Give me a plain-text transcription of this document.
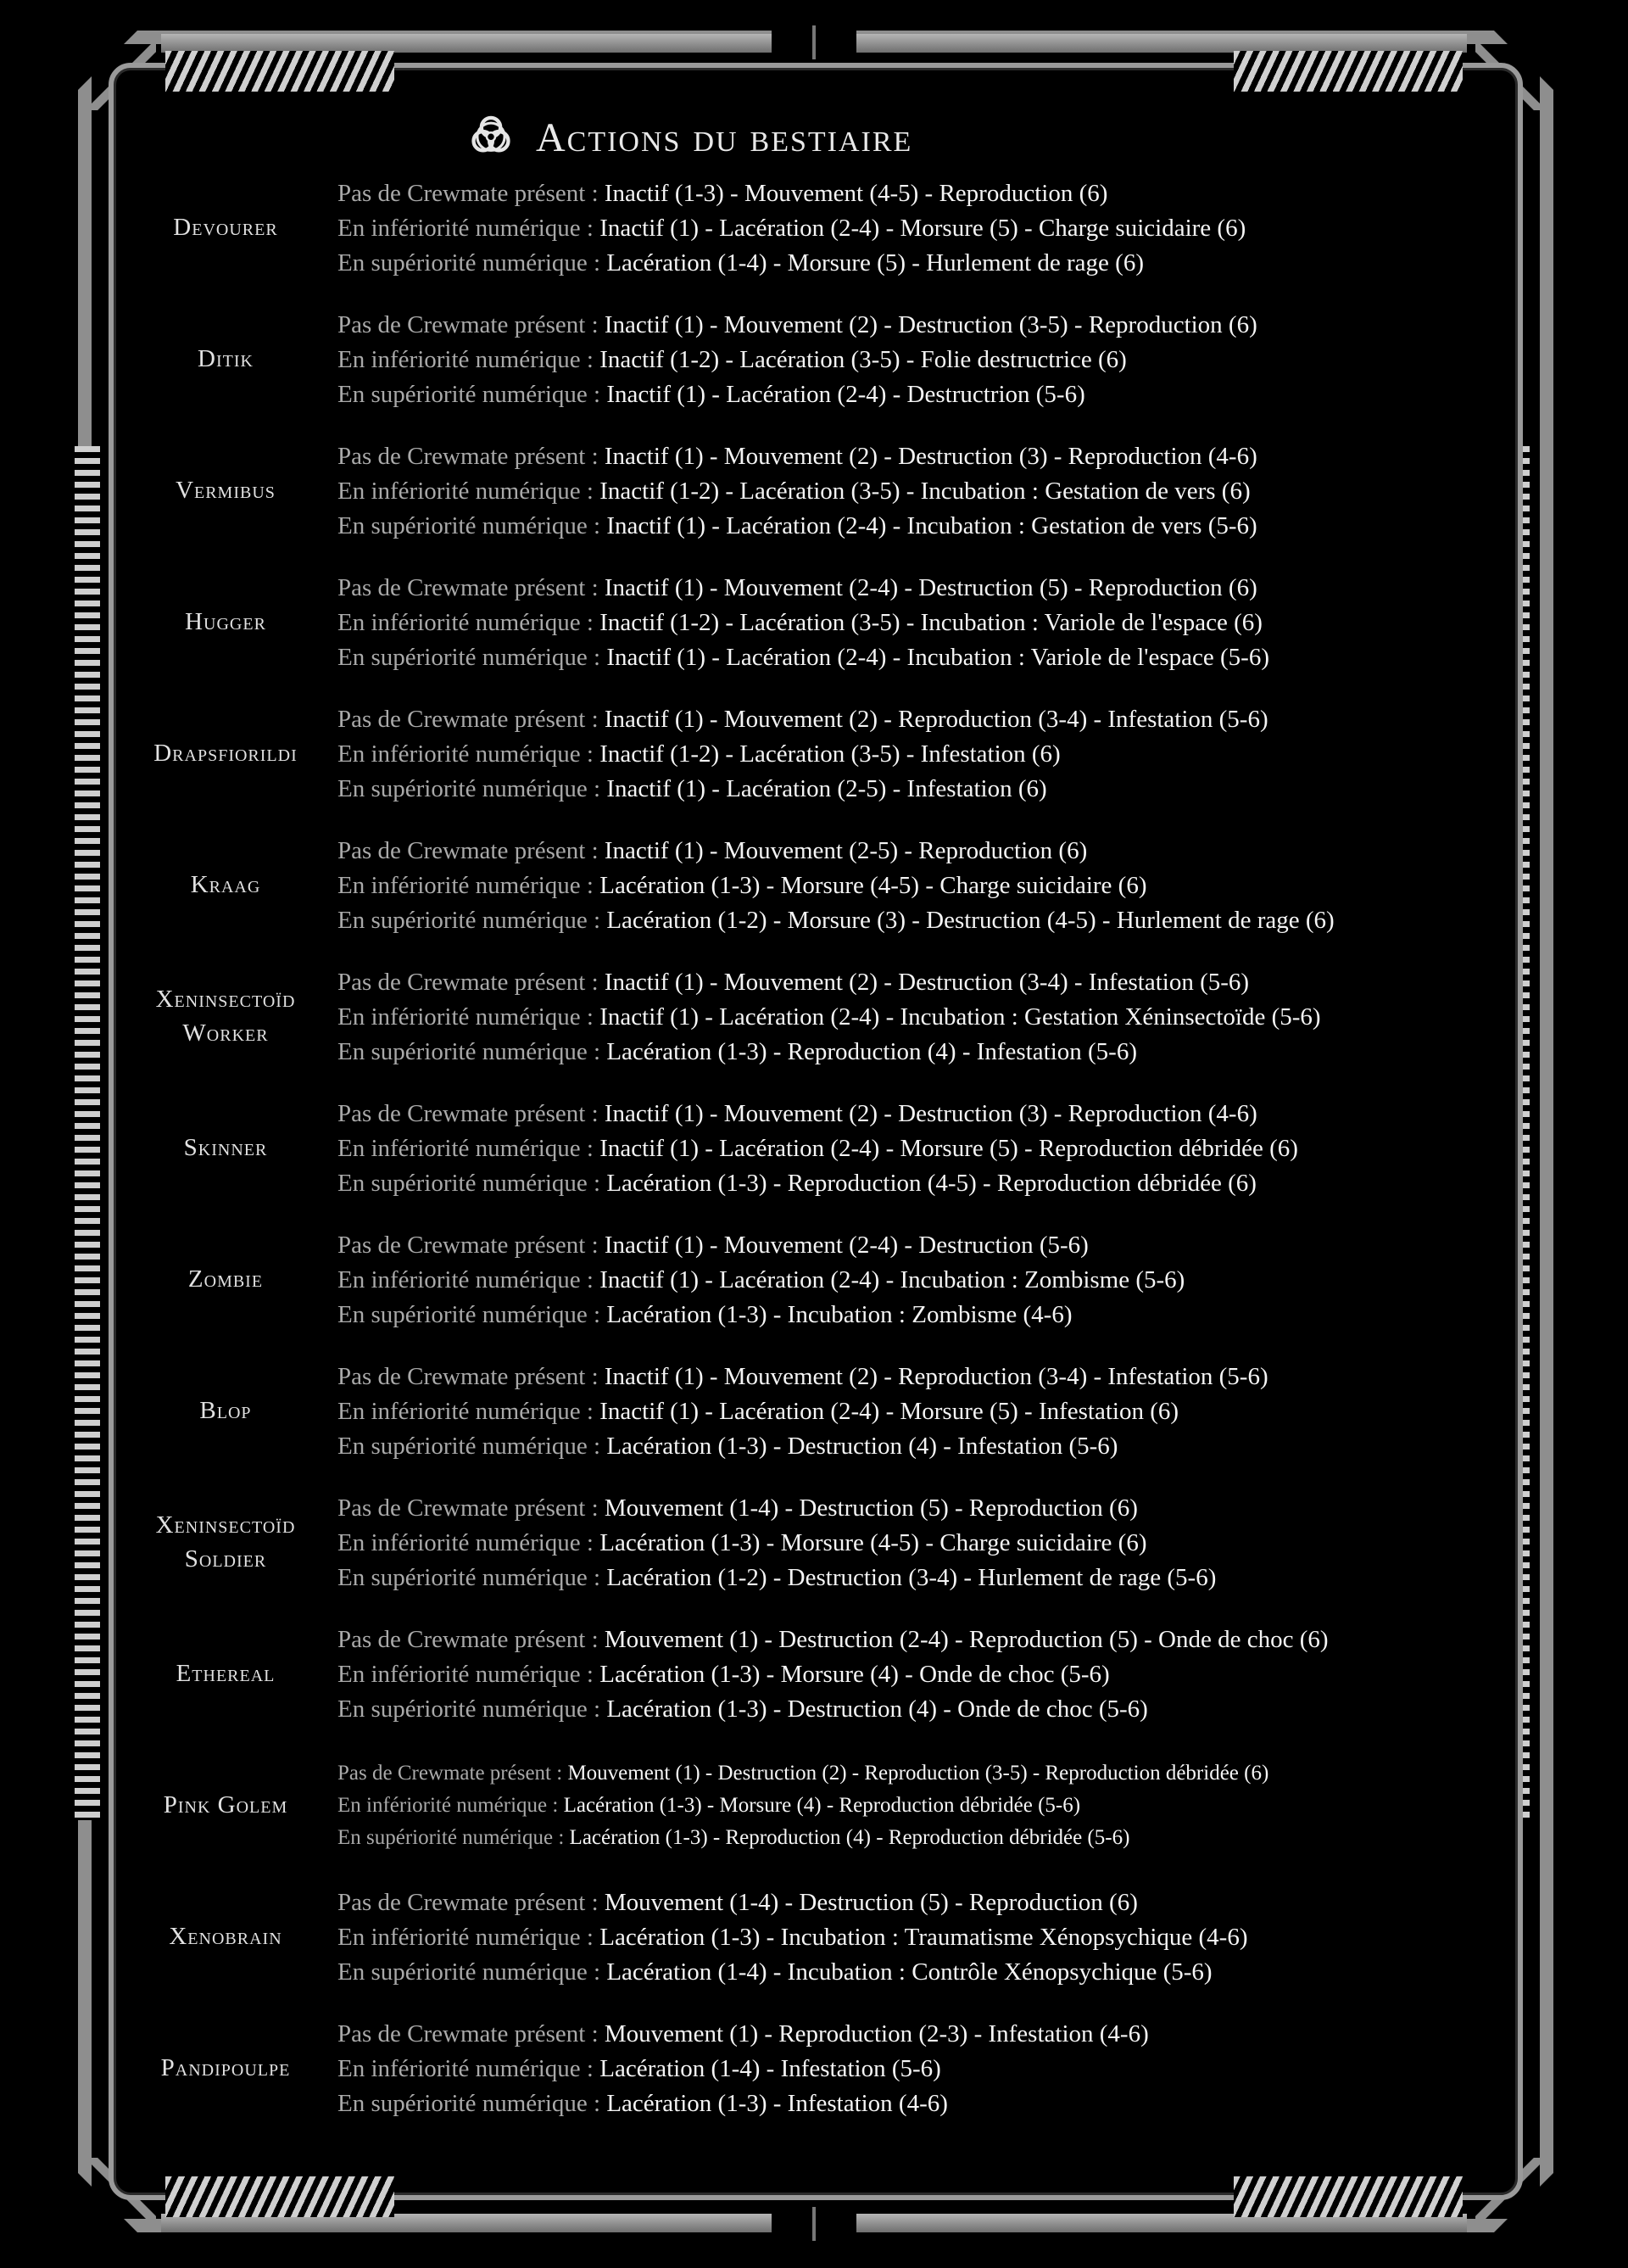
Actions du bestiaire
Devourer
Pas de Crewmate présent : Inactif (1-3) - Mouvement (4-5) - Reproduction (6)
En infériorité numérique : Inactif (1) - Lacération (2-4) - Morsure (5) - Charge suicidaire (6)
En supériorité numérique : Lacération (1-4) - Morsure (5) - Hurlement de rage (6)
Ditik
Pas de Crewmate présent : Inactif (1) - Mouvement (2) - Destruction (3-5) - Reproduction (6)
En infériorité numérique : Inactif (1-2) - Lacération (3-5) - Folie destructrice (6)
En supériorité numérique : Inactif (1) - Lacération (2-4) - Destructrion (5-6)
Vermibus
Pas de Crewmate présent : Inactif (1) - Mouvement (2) - Destruction (3) - Reproduction (4-6)
En infériorité numérique : Inactif (1-2) - Lacération (3-5) - Incubation : Gestation de vers (6)
En supériorité numérique : Inactif (1) - Lacération (2-4) - Incubation : Gestation de vers (5-6)
Hugger
Pas de Crewmate présent : Inactif (1) - Mouvement (2-4) - Destruction (5) - Reproduction (6)
En infériorité numérique : Inactif (1-2) - Lacération (3-5) - Incubation : Variole de l'espace (6)
En supériorité numérique : Inactif (1) - Lacération (2-4) - Incubation : Variole de l'espace (5-6)
Drapsfiorildi
Pas de Crewmate présent : Inactif (1) - Mouvement (2) - Reproduction (3-4) - Infestation (5-6)
En infériorité numérique : Inactif (1-2) - Lacération (3-5) - Infestation (6)
En supériorité numérique : Inactif (1) - Lacération (2-5) - Infestation (6)
Kraag
Pas de Crewmate présent : Inactif (1) - Mouvement (2-5) - Reproduction (6)
En infériorité numérique : Lacération (1-3) - Morsure (4-5) - Charge suicidaire (6)
En supériorité numérique : Lacération (1-2) - Morsure (3) - Destruction (4-5) - Hurlement de rage (6)
Xeninsectoïd Worker
Pas de Crewmate présent : Inactif (1) - Mouvement (2) - Destruction (3-4) - Infestation (5-6)
En infériorité numérique : Inactif (1) - Lacération (2-4) - Incubation : Gestation Xéninsectoïde (5-6)
En supériorité numérique : Lacération (1-3) - Reproduction (4) - Infestation (5-6)
Skinner
Pas de Crewmate présent : Inactif (1) - Mouvement (2) - Destruction (3) - Reproduction (4-6)
En infériorité numérique : Inactif (1) - Lacération (2-4) - Morsure (5) - Reproduction débridée (6)
En supériorité numérique : Lacération (1-3) - Reproduction (4-5) - Reproduction débridée (6)
Zombie
Pas de Crewmate présent : Inactif (1) - Mouvement (2-4) - Destruction (5-6)
En infériorité numérique : Inactif (1) - Lacération (2-4) - Incubation : Zombisme (5-6)
En supériorité numérique : Lacération (1-3) - Incubation : Zombisme (4-6)
Blop
Pas de Crewmate présent : Inactif (1) - Mouvement (2) - Reproduction (3-4) - Infestation (5-6)
En infériorité numérique : Inactif (1) - Lacération (2-4) - Morsure (5) - Infestation (6)
En supériorité numérique : Lacération (1-3) - Destruction (4) - Infestation (5-6)
Xeninsectoïd Soldier
Pas de Crewmate présent : Mouvement (1-4) - Destruction (5) - Reproduction (6)
En infériorité numérique : Lacération (1-3) - Morsure (4-5) - Charge suicidaire (6)
En supériorité numérique : Lacération (1-2) - Destruction (3-4) - Hurlement de rage (5-6)
Ethereal
Pas de Crewmate présent : Mouvement (1) - Destruction (2-4) - Reproduction (5) - Onde de choc (6)
En infériorité numérique : Lacération (1-3) - Morsure (4) - Onde de choc (5-6)
En supériorité numérique : Lacération (1-3) - Destruction (4) - Onde de choc (5-6)
Pink Golem
Pas de Crewmate présent : Mouvement (1) - Destruction (2) - Reproduction (3-5) - Reproduction débridée (6)
En infériorité numérique : Lacération (1-3) - Morsure (4) - Reproduction débridée (5-6)
En supériorité numérique : Lacération (1-3) - Reproduction (4) - Reproduction débridée (5-6)
Xenobrain
Pas de Crewmate présent : Mouvement (1-4) - Destruction (5) - Reproduction (6)
En infériorité numérique : Lacération (1-3) - Incubation : Traumatisme Xénopsychique (4-6)
En supériorité numérique : Lacération (1-4) - Incubation : Contrôle Xénopsychique (5-6)
Pandipoulpe
Pas de Crewmate présent : Mouvement (1) - Reproduction (2-3) - Infestation (4-6)
En infériorité numérique : Lacération (1-4) - Infestation (5-6)
En supériorité numérique : Lacération (1-3) - Infestation (4-6)
